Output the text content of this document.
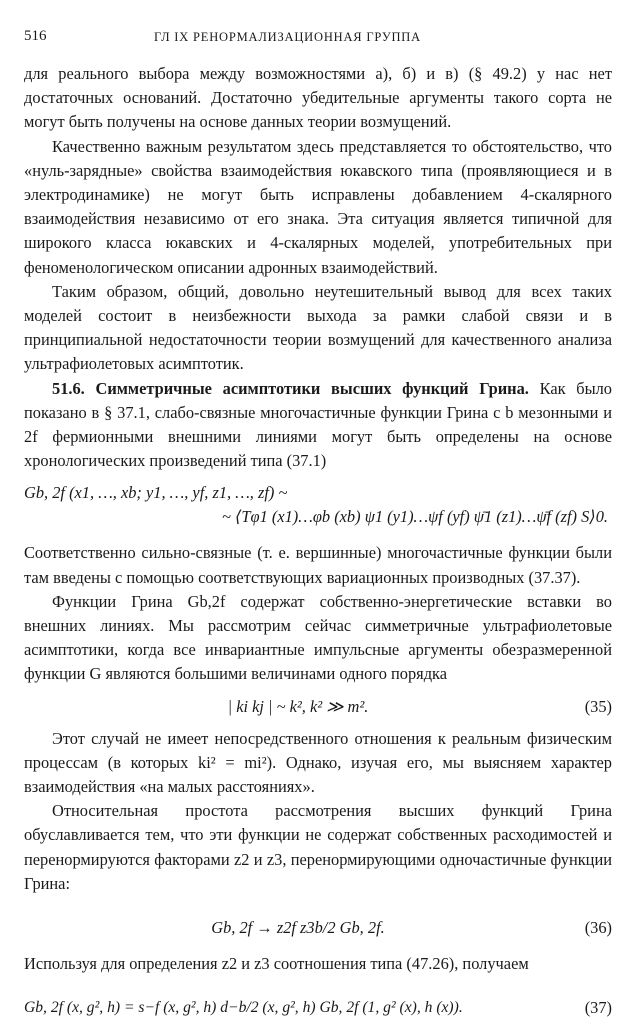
516	ГЛ IX РЕНОРМАЛИЗАЦИОННАЯ ГРУППА

для реального выбора между возможностями а), б) и в) (§ 49.2) у нас нет достаточных оснований. Достаточно убедительные аргументы такого сорта не могут быть получены на основе данных теории возмущений.

Качественно важным результатом здесь представляется то обстоятельство, что «нуль-зарядные» свойства взаимодействия юкавского типа (проявляющиеся и в электродинамике) не могут быть исправлены добавлением 4-скалярного взаимодействия независимо от его знака. Эта ситуация является типичной для широкого класса юкавских и 4-скалярных моделей, употребительных при феноменологическом описании адронных взаимодействий.

Таким образом, общий, довольно неутешительный вывод для всех таких моделей состоит в неизбежности выхода за рамки слабой связи и в принципиальной недостаточности теории возмущений для качественного анализа ультрафиолетовых асимптотик.

51.6. Симметричные асимптотики высших функций Грина. Как было показано в § 37.1, слабо-связные многочастичные функции Грина с b мезонными и 2f фермионными внешними линиями могут быть определены на основе хронологических произведений типа (37.1)

Gb, 2f (x1, …, xb; y1, …, yf, z1, …, zf) ~
~ ⟨Tφ1 (x1)…φb (xb) ψ1 (y1)…ψf (yf) ψ̄1 (z1)…ψ̄f (zf) S⟩0.

Соответственно сильно-связные (т. е. вершинные) многочастичные функции были там введены с помощью соответствующих вариационных производных (37.37).

Функции Грина Gb,2f содержат собственно-энергетические вставки во внешних линиях. Мы рассмотрим сейчас симметричные ультрафиолетовые асимптотики, когда все инвариантные импульсные аргументы обезразмеренной функции G являются большими величинами одного порядка

| ki kj | ~ k², k² ≫ m².	(35)

Этот случай не имеет непосредственного отношения к реальным физическим процессам (в которых ki² = mi²). Однако, изучая его, мы выясняем характер взаимодействия «на малых расстояниях».

Относительная простота рассмотрения высших функций Грина обуславливается тем, что эти функции не содержат собственных расходимостей и перенормируются факторами z2 и z3, перенормирующими одночастичные функции Грина:

Gb, 2f → z2f z3b/2 Gb, 2f.	(36)

Используя для определения z2 и z3 соотношения типа (47.26), получаем

Gb, 2f (x, g², h) = s−f (x, g², h) d−b/2 (x, g², h) Gb, 2f (1, g² (x), h (x)).	(37)
